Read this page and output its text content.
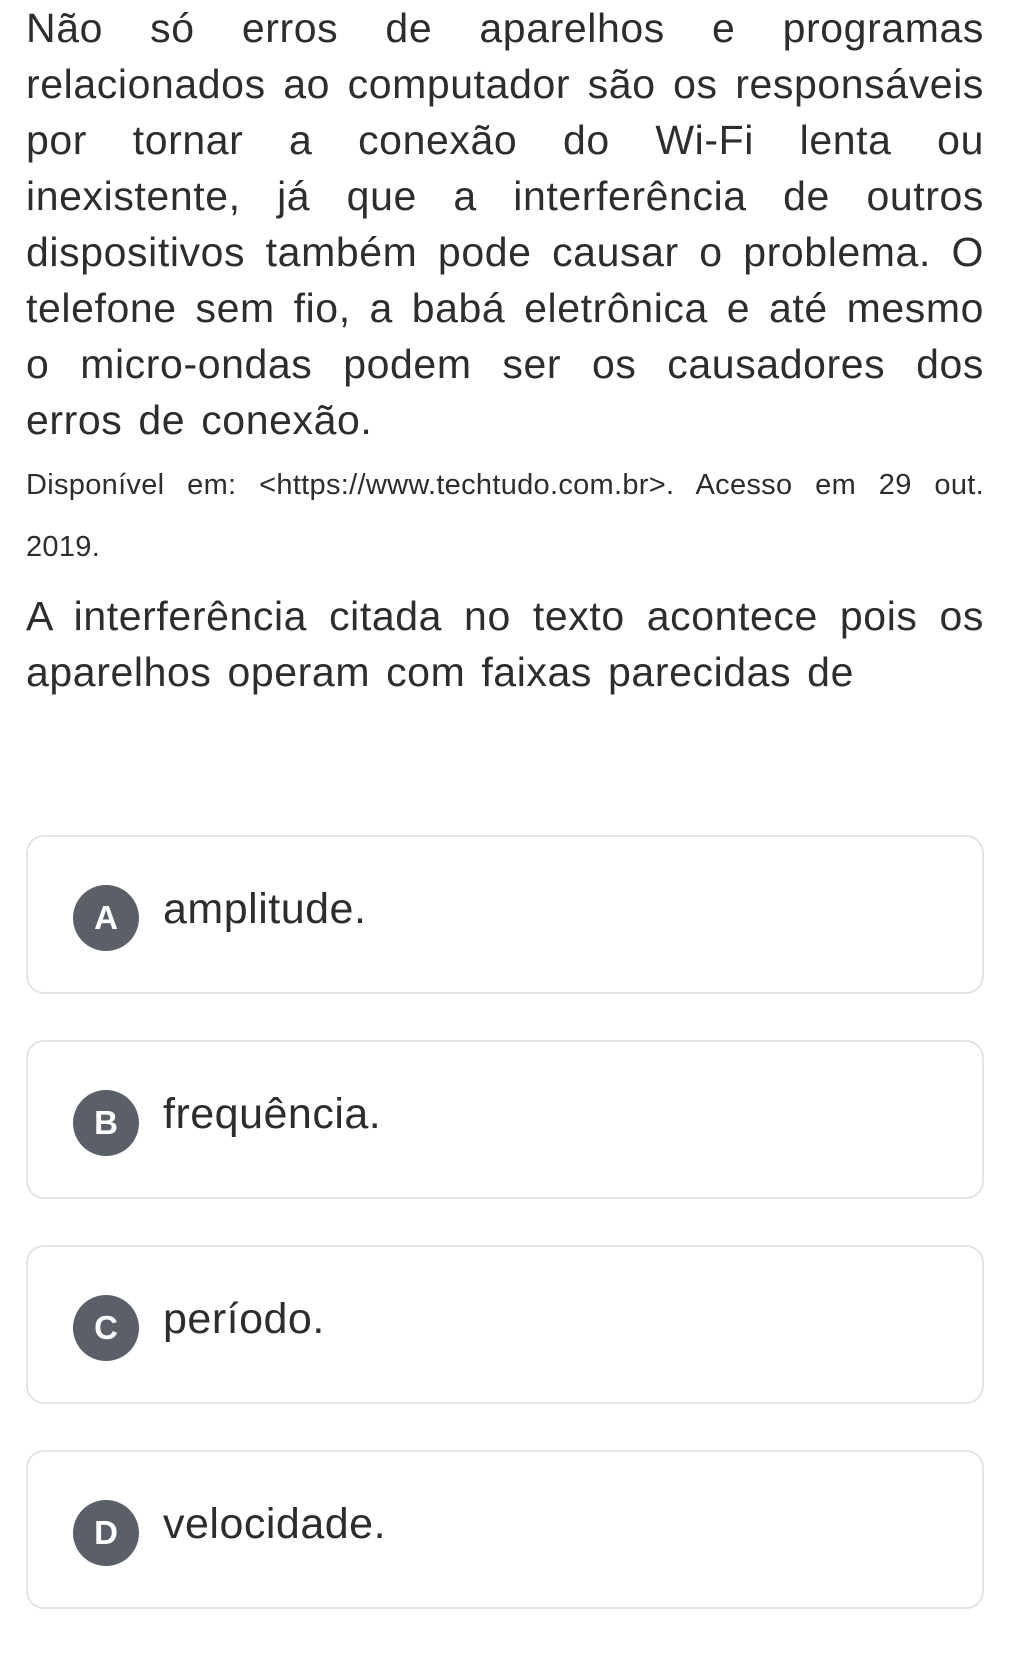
Não só erros de aparelhos e programas relacionados ao computador são os responsáveis por tornar a conexão do Wi-Fi lenta ou inexistente, já que a interferência de outros dispositivos também pode causar o problema. O telefone sem fio, a babá eletrônica e até mesmo o micro-ondas podem ser os causadores dos erros de conexão.

Disponível em: <https://www.techtudo.com.br>. Acesso em 29 out. 2019.

A interferência citada no texto acontece pois os aparelhos operam com faixas parecidas de

A	amplitude.
B	frequência.
C	período.
D	velocidade.
